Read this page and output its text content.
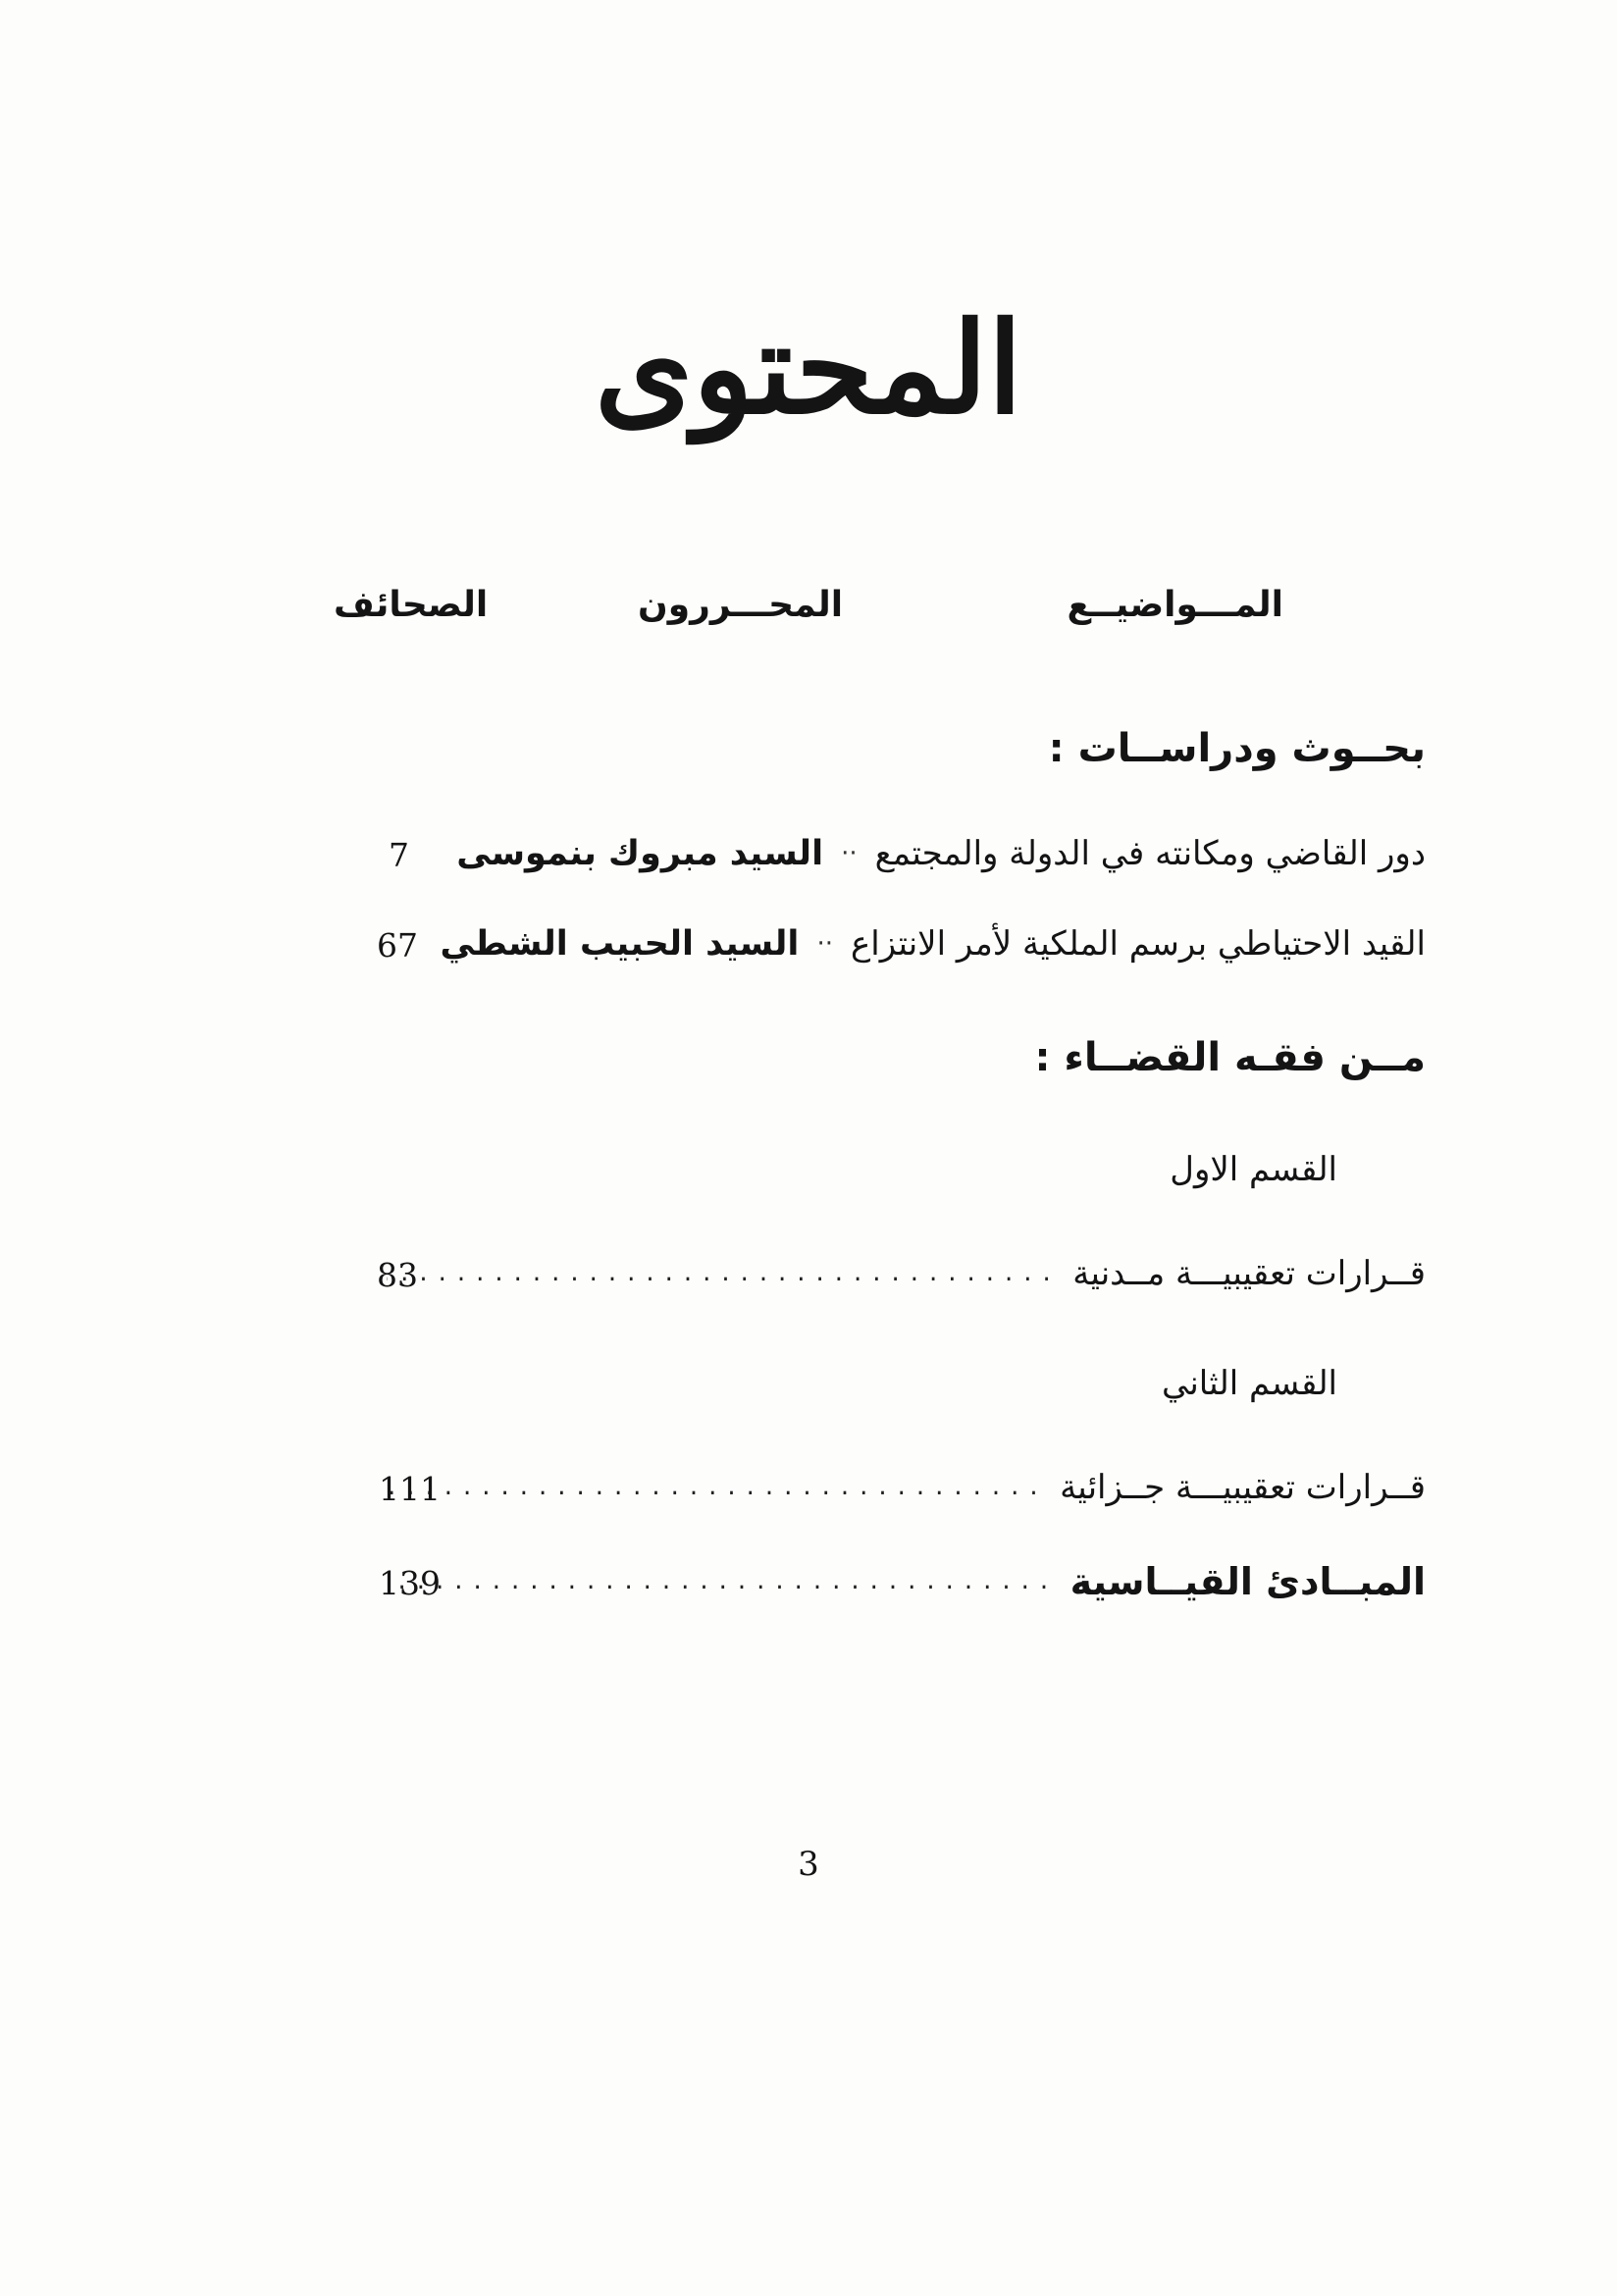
المحتوى
المـــواضيــع
المحـــررون
الصحائف
بحــوث ودراســات :
دور القاضي ومكانته في الدولة والمجتمع
··
السيد مبروك بنموسى
7
القيد الاحتياطي برسم الملكية لأمر الانتزاع
··
السيد الحبيب الشطي
67
مــن فقـه القضــاء :
القسم الاول
قــرارات تعقيبيـــة مــدنية
.....
83
القسم الثاني
قــرارات تعقيبيـــة جــزائية
.....
111
المبــادئ القيــاسية
.....
139
3
